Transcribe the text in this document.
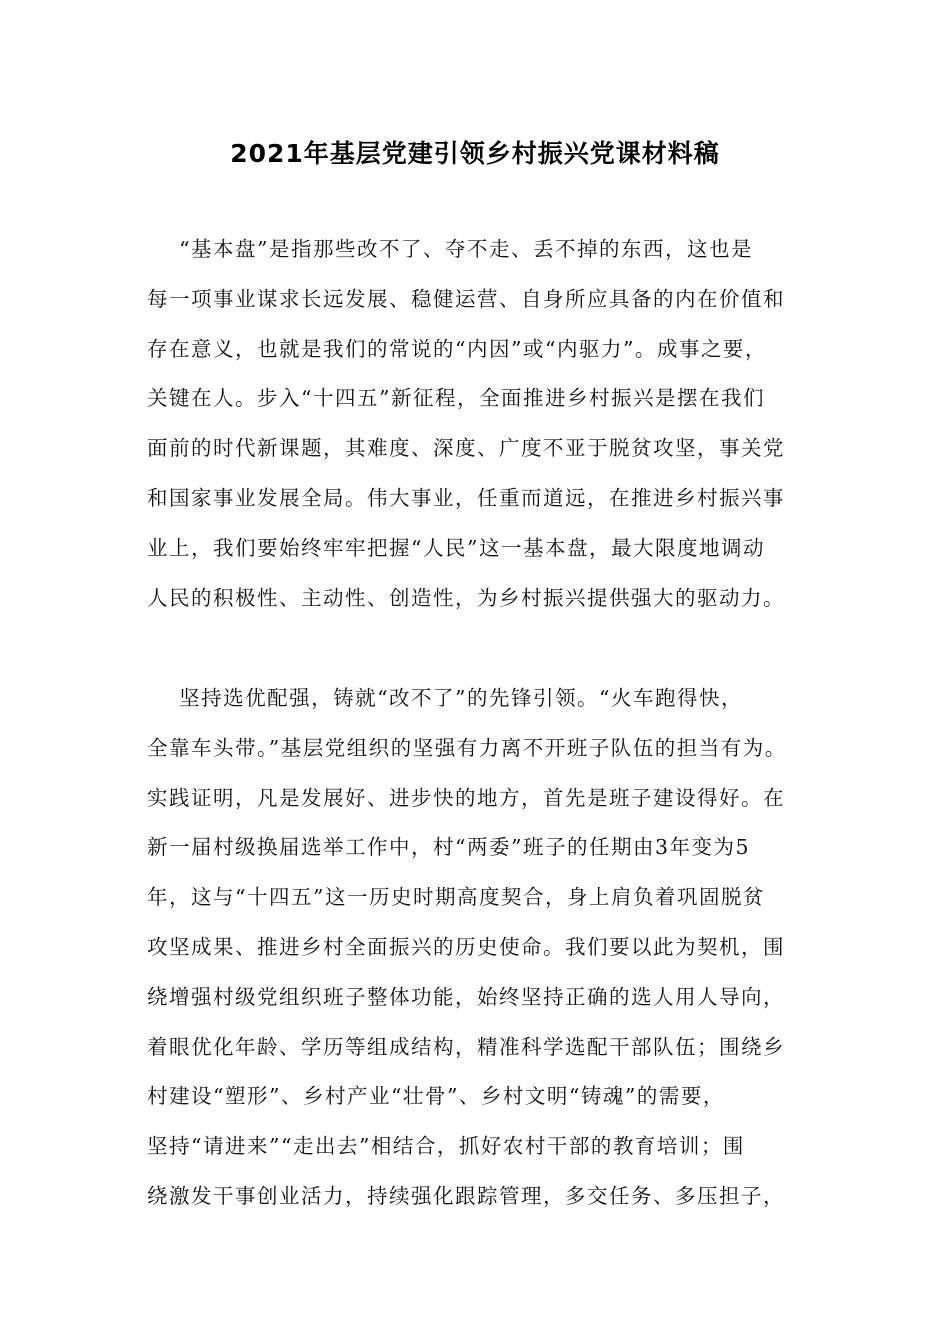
2021年基层党建引领乡村振兴党课材料稿
“基本盘”是指那些改不了、夺不走、丢不掉的东西，这也是
每一项事业谋求长远发展、稳健运营、自身所应具备的内在价值和
存在意义，也就是我们的常说的“内因”或“内驱力”。成事之要，
关键在人。步入“十四五”新征程，全面推进乡村振兴是摆在我们
面前的时代新课题，其难度、深度、广度不亚于脱贫攻坚，事关党
和国家事业发展全局。伟大事业，任重而道远，在推进乡村振兴事
业上，我们要始终牢牢把握“人民”这一基本盘，最大限度地调动
人民的积极性、主动性、创造性，为乡村振兴提供强大的驱动力。
坚持选优配强，铸就“改不了”的先锋引领。“火车跑得快，
全靠车头带。”基层党组织的坚强有力离不开班子队伍的担当有为。
实践证明，凡是发展好、进步快的地方，首先是班子建设得好。在
新一届村级换届选举工作中，村“两委”班子的任期由3年变为5
年，这与“十四五”这一历史时期高度契合，身上肩负着巩固脱贫
攻坚成果、推进乡村全面振兴的历史使命。我们要以此为契机，围
绕增强村级党组织班子整体功能，始终坚持正确的选人用人导向，
着眼优化年龄、学历等组成结构，精准科学选配干部队伍；围绕乡
村建设“塑形”、乡村产业“壮骨”、乡村文明“铸魂”的需要，
坚持“请进来”“走出去”相结合，抓好农村干部的教育培训；围
绕激发干事创业活力，持续强化跟踪管理，多交任务、多压担子，
